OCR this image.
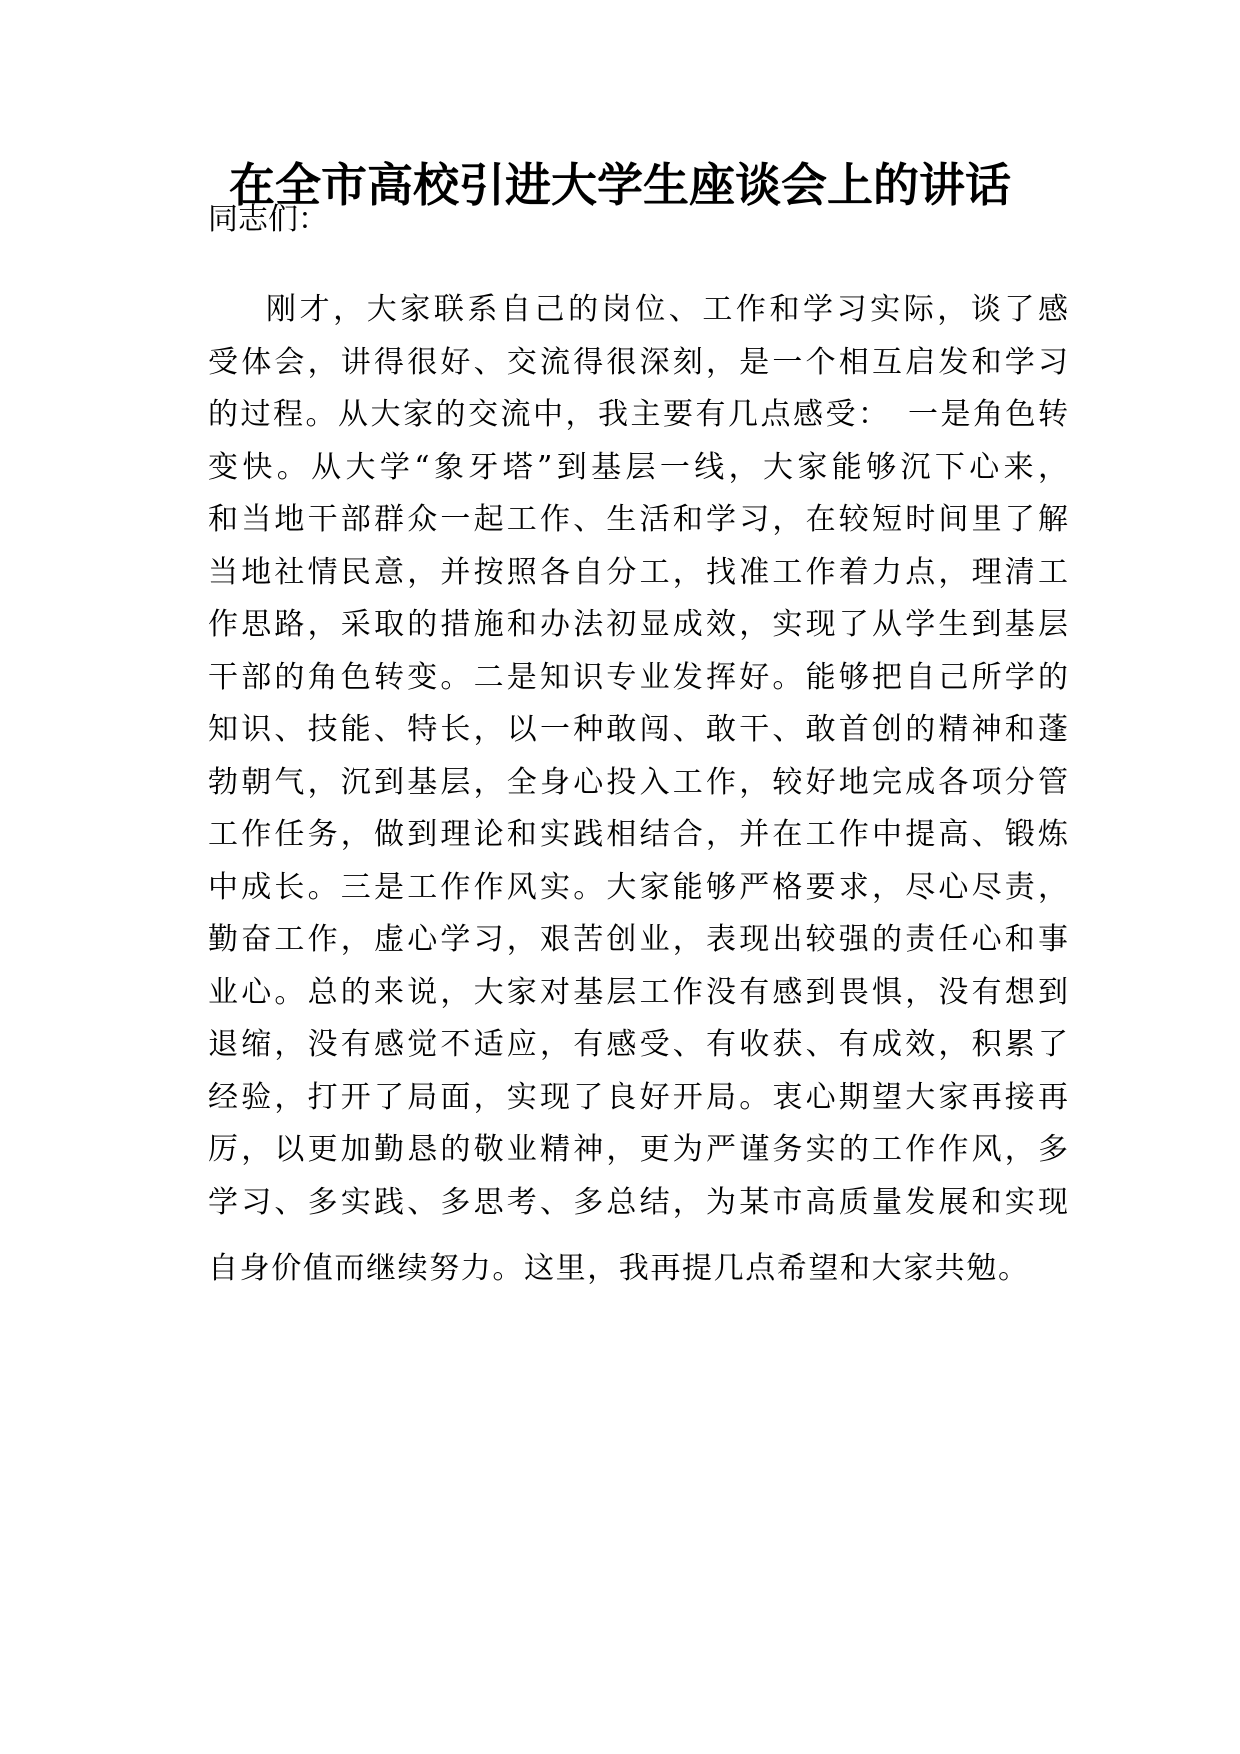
在全市高校引进大学生座谈会上的讲话
同志们：
刚才，大家联系自己的岗位、工作和学习实际，谈了感
受体会，讲得很好、交流得很深刻，是一个相互启发和学习
的过程。从大家的交流中，我主要有几点感受：　一是角色转
变快。从大学“象牙塔”到基层一线，大家能够沉下心来，
和当地干部群众一起工作、生活和学习，在较短时间里了解
当地社情民意，并按照各自分工，找准工作着力点，理清工
作思路，采取的措施和办法初显成效，实现了从学生到基层
干部的角色转变。二是知识专业发挥好。能够把自己所学的
知识、技能、特长，以一种敢闯、敢干、敢首创的精神和蓬
勃朝气，沉到基层，全身心投入工作，较好地完成各项分管
工作任务，做到理论和实践相结合，并在工作中提高、锻炼
中成长。三是工作作风实。大家能够严格要求，尽心尽责，
勤奋工作，虚心学习，艰苦创业，表现出较强的责任心和事
业心。总的来说，大家对基层工作没有感到畏惧，没有想到
退缩，没有感觉不适应，有感受、有收获、有成效，积累了
经验，打开了局面，实现了良好开局。衷心期望大家再接再
厉，以更加勤恳的敬业精神，更为严谨务实的工作作风，多
学习、多实践、多思考、多总结，为某市高质量发展和实现
自身价值而继续努力。这里，我再提几点希望和大家共勉。
